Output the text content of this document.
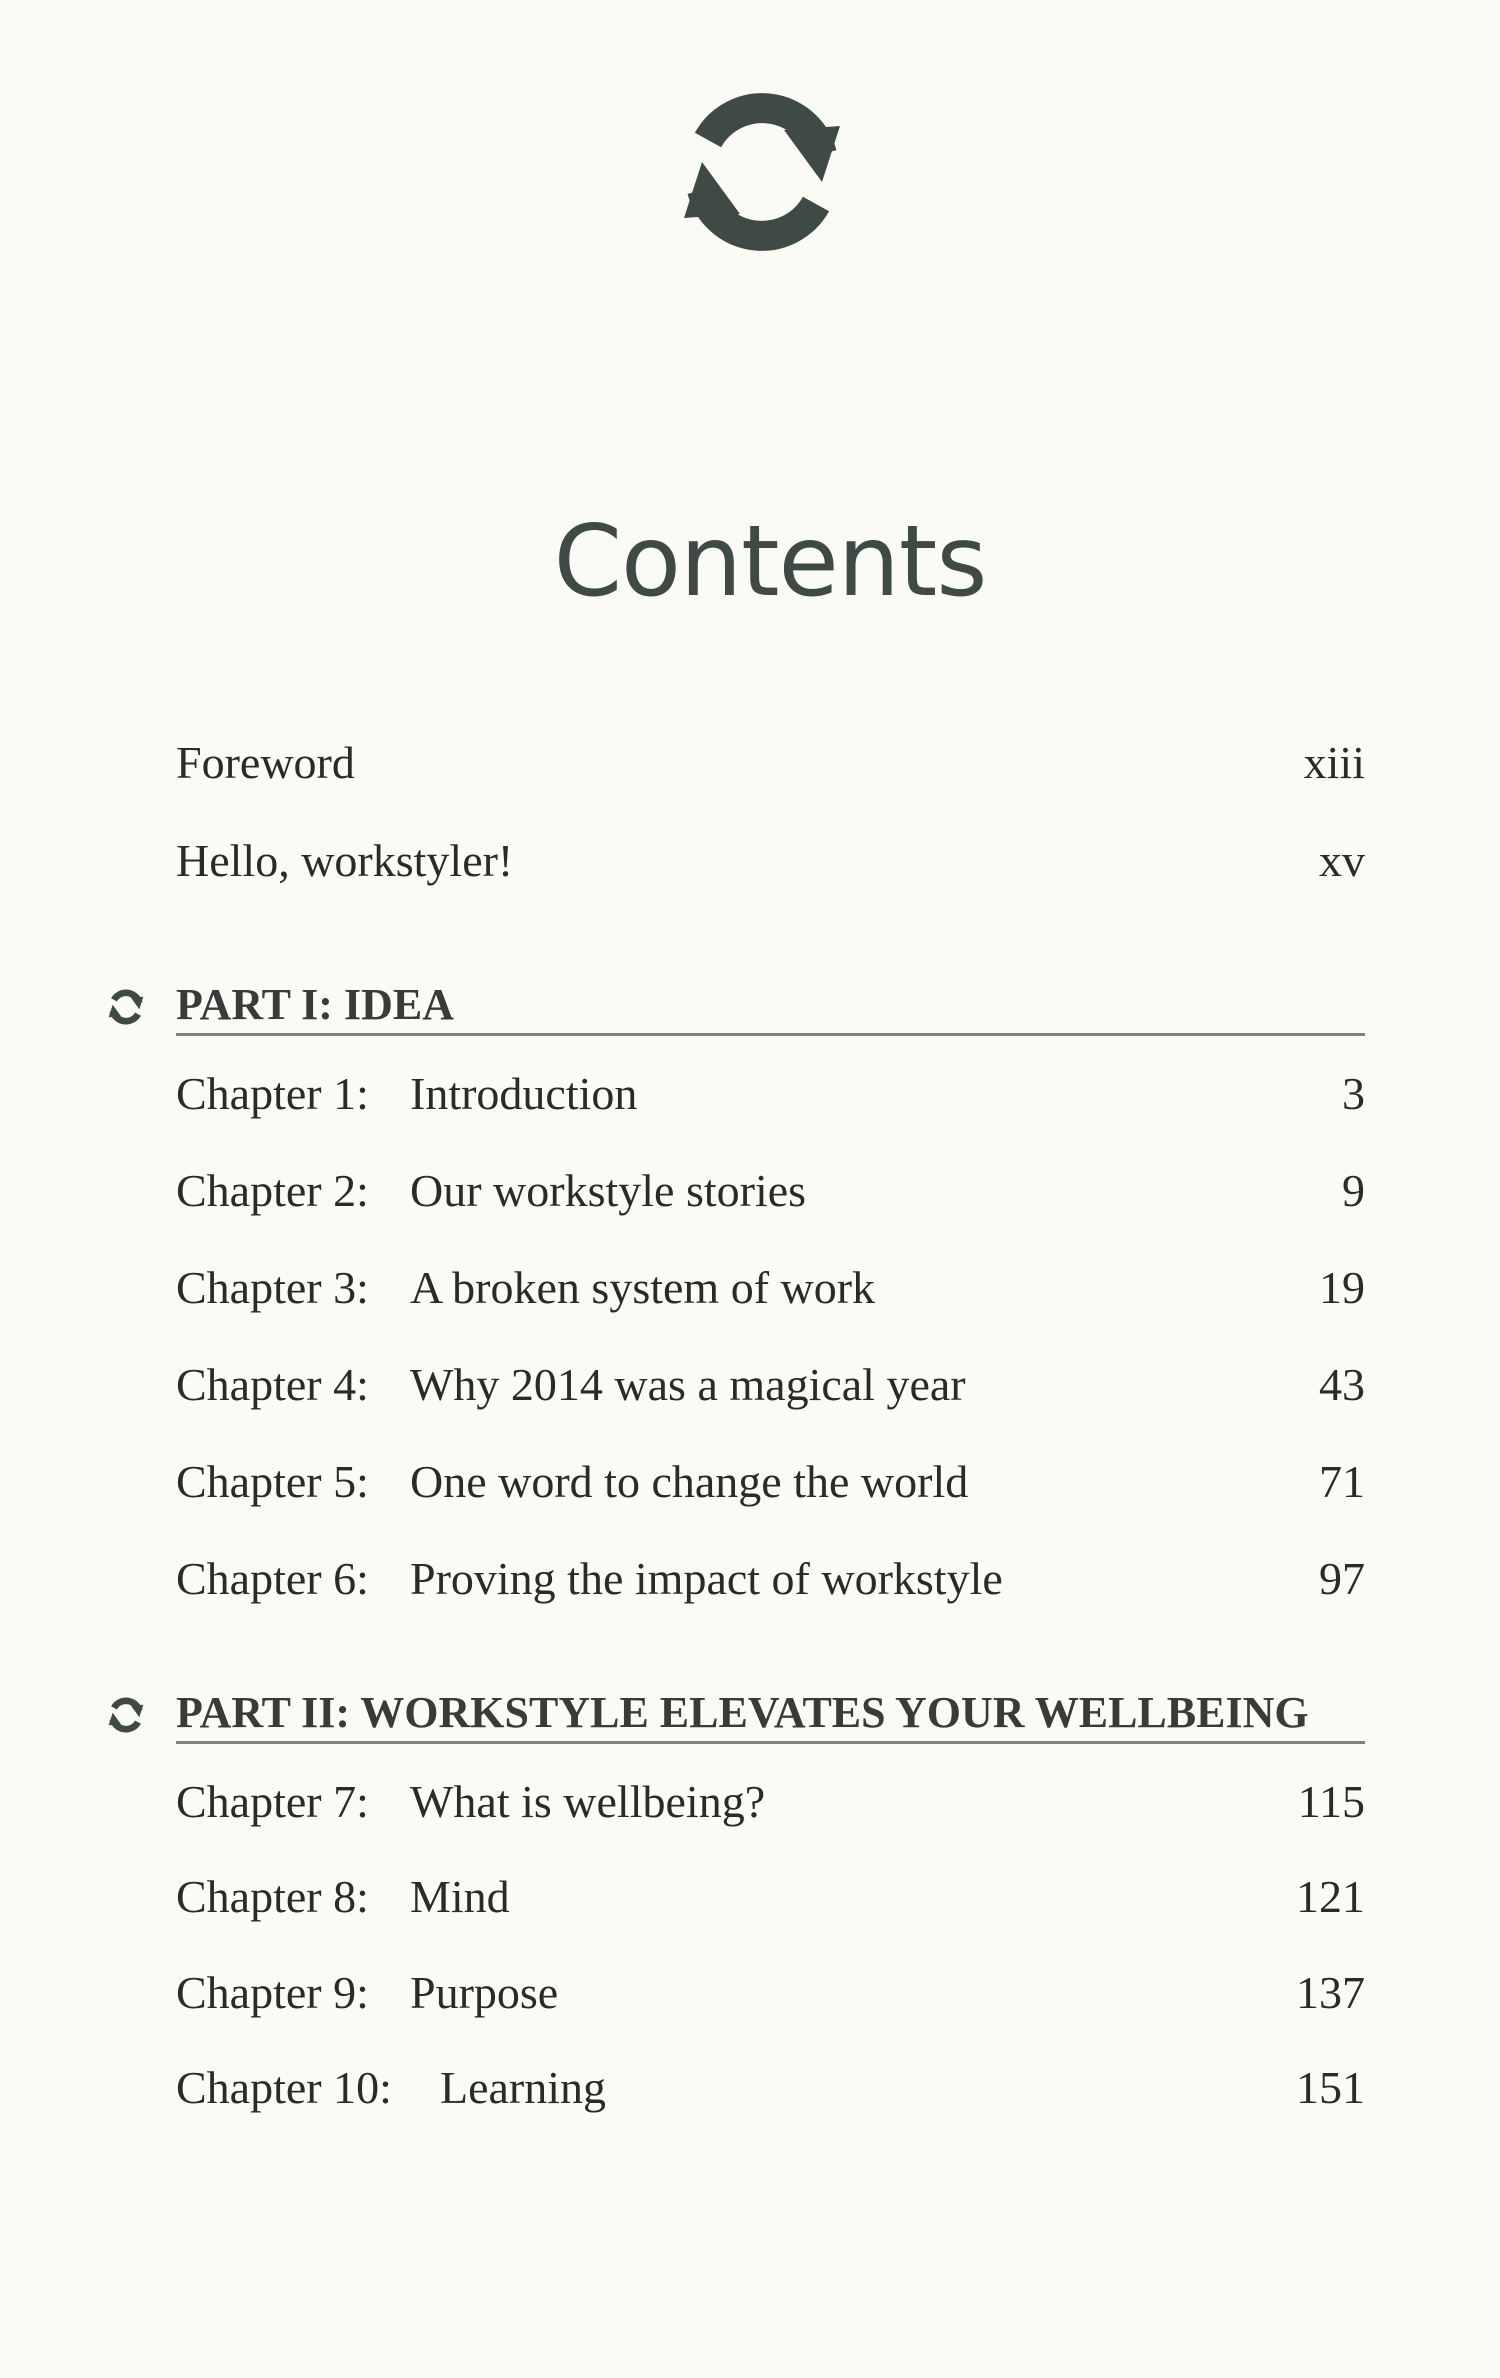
Contents
Foreword	xiii
Hello, workstyler!	xv
PART I: IDEA
Chapter 1: Introduction	3
Chapter 2: Our workstyle stories	9
Chapter 3: A broken system of work	19
Chapter 4: Why 2014 was a magical year	43
Chapter 5: One word to change the world	71
Chapter 6: Proving the impact of workstyle	97
PART II: WORKSTYLE ELEVATES YOUR WELLBEING
Chapter 7: What is wellbeing?	115
Chapter 8: Mind	121
Chapter 9: Purpose	137
Chapter 10: Learning	151
